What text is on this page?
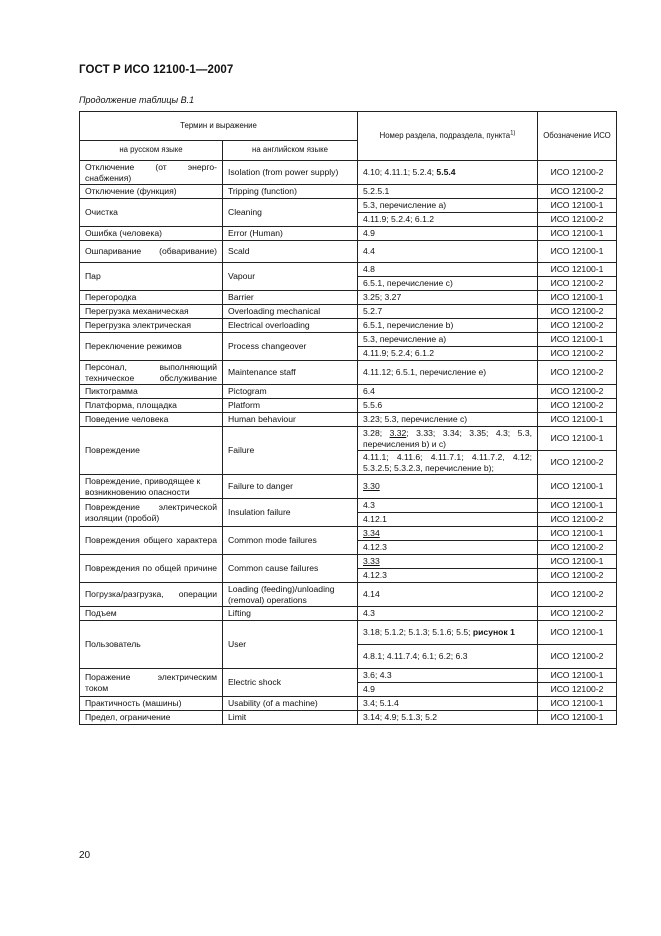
ГОСТ Р ИСО 12100-1—2007
Продолжение таблицы В.1
Термин и выражение		Номер раздела, подраздела, пункта$^{1)}$	Обозначение ИСО
на русском языке	на английском языке		
Отключение (от энерго-снабжения)	Isolation (from power supply)	4.10; 4.11.1; 5.2.4; 5.5.4	ИСО 12100-2
Отключение (функция)	Tripping (function)	5.2.5.1	ИСО 12100-2
Очистка	Cleaning	5.3, перечисление а)	ИСО 12100-1
		4.11.9; 5.2.4; 6.1.2	ИСО 12100-2
Ошибка (человека)	Error (Human)	4.9	ИСО 12100-1
Ошпаривание (обваривание)	Scald	4.4	ИСО 12100-1
Пар	Vapour	4.8	ИСО 12100-1
		6.5.1, перечисление с)	ИСО 12100-2
Перегородка	Barrier	3.25; 3.27	ИСО 12100-1
Перегрузка механическая	Overloading mechanical	5.2.7	ИСО 12100-2
Перегрузка электрическая	Electrical overloading	6.5.1, перечисление b)	ИСО 12100-2
Переключение режимов	Process changeover	5.3, перечисление а)	ИСО 12100-1
		4.11.9; 5.2.4; 6.1.2	ИСО 12100-2
Персонал, выполняющий техническое обслуживание	Maintenance staff	4.11.12; 6.5.1, перечисление е)	ИСО 12100-2
Пиктограмма	Pictogram	6.4	ИСО 12100-2
Платформа, площадка	Platform	5.5.6	ИСО 12100-2
Поведение человека	Human behaviour	3.23; 5.3, перечисление с)	ИСО 12100-1
Повреждение	Failure	3.28; 3.32; 3.33; 3.34; 3.35; 4.3; 5.3, перечисления b) и с)	ИСО 12100-1
		4.11.1; 4.11.6; 4.11.7.1; 4.11.7.2, 4.12; 5.3.2.5; 5.3.2.3, перечисление b);	ИСО 12100-2
Повреждение, приводящее к возникновению опасности	Failure to danger	3.30	ИСО 12100-1
Повреждение электрической изоляции (пробой)	Insulation failure	4.3	ИСО 12100-1
		4.12.1	ИСО 12100-2
Повреждения общего характера	Common mode failures	3.34	ИСО 12100-1
		4.12.3	ИСО 12100-2
Повреждения по общей причине	Common cause failures	3.33	ИСО 12100-1
		4.12.3	ИСО 12100-2
Погрузка/разгрузка, операции	Loading (feeding)/unloading (removal) operations	4.14	ИСО 12100-2
Подъем	Lifting	4.3	ИСО 12100-2
Пользователь	User	3.18; 5.1.2; 5.1.3; 5.1.6; 5.5; рисунок 1	ИСО 12100-1
		4.8.1; 4.11.7.4; 6.1; 6.2; 6.3	ИСО 12100-2
Поражение электрическим током	Electric shock	3.6; 4.3	ИСО 12100-1
		4.9	ИСО 12100-2
Практичность (машины)	Usability (of a machine)	3.4; 5.1.4	ИСО 12100-1
Предел, ограничение	Limit	3.14; 4.9; 5.1.3; 5.2	ИСО 12100-1
20
